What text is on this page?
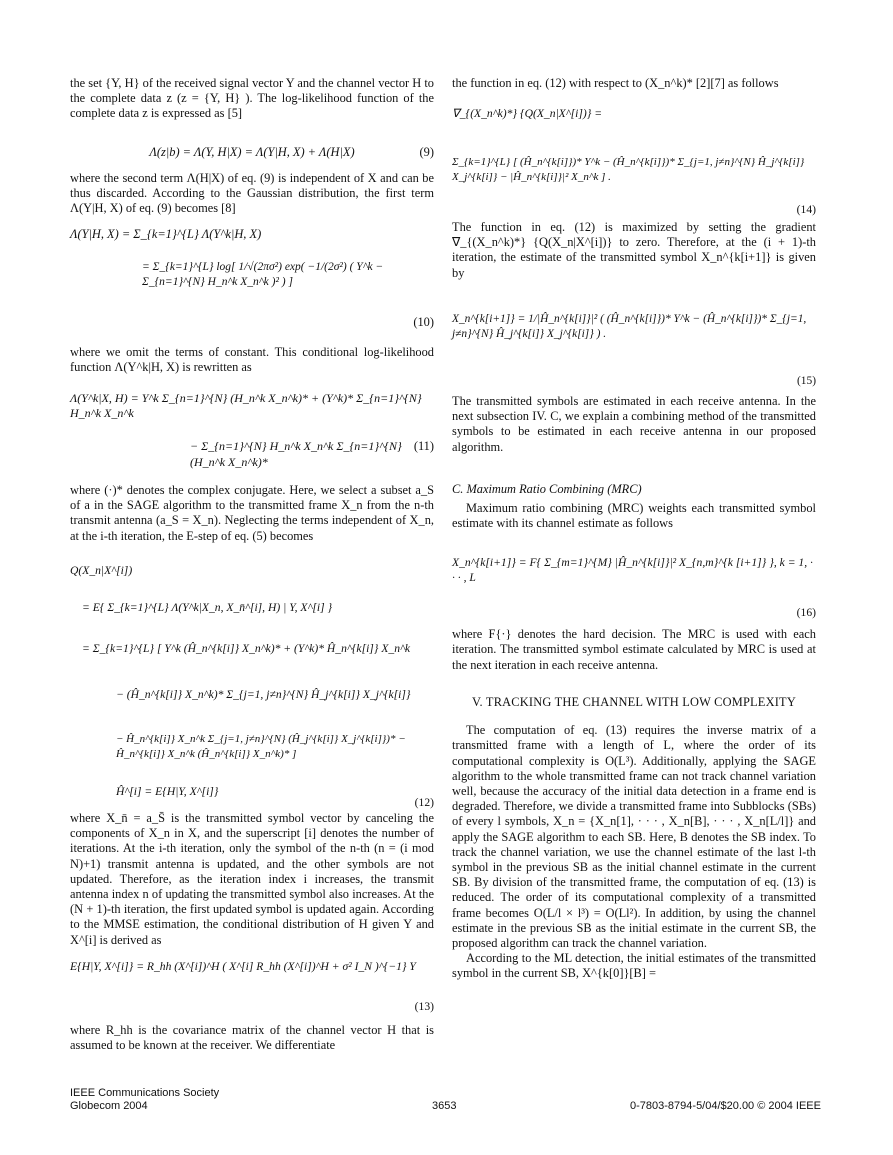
the set {Y, H} of the received signal vector Y and the channel vector H to the complete data z (z = {Y, H} ). The log-likelihood function of the complete data z is expressed as [5]

Λ(z|b) = Λ(Y, H|X) = Λ(Y|H, X) + Λ(H|X)	(9)

where the second term Λ(H|X) of eq. (9) is independent of X and can be thus discarded. According to the Gaussian distribution, the first term Λ(Y|H, X) of eq. (9) becomes [8]

Λ(Y|H, X) = Σ_{k=1}^{L} Λ(Y^k|H, X)
= Σ_{k=1}^{L} log[ 1/√(2πσ²) exp( −1/(2σ²) ( Y^k − Σ_{n=1}^{N} H_n^k X_n^k )² ) ]
(10)

where we omit the terms of constant. This conditional log-likelihood function Λ(Y^k|H, X) is rewritten as

Λ(Y^k|X, H) = Y^k Σ_{n=1}^{N} (H_n^k X_n^k)* + (Y^k)* Σ_{n=1}^{N} H_n^k X_n^k
− Σ_{n=1}^{N} H_n^k X_n^k Σ_{n=1}^{N} (H_n^k X_n^k)*
(11)

where (·)* denotes the complex conjugate. Here, we select a subset a_S of a in the SAGE algorithm to the transmitted frame X_n from the n-th transmit antenna (a_S = X_n). Neglecting the terms independent of X_n, at the i-th iteration, the E-step of eq. (5) becomes

Q(X_n|X^[i])
= E{ Σ_{k=1}^{L} Λ(Y^k|X_n, X_n̄^[i], H) | Y, X^[i] }
= Σ_{k=1}^{L} [ Y^k (Ĥ_n^{k[i]} X_n^k)* + (Y^k)* Ĥ_n^{k[i]} X_n^k
− (Ĥ_n^{k[i]} X_n^k)* Σ_{j=1, j≠n}^{N} Ĥ_j^{k[i]} X_j^{k[i]}
− Ĥ_n^{k[i]} X_n^k Σ_{j=1, j≠n}^{N} (Ĥ_j^{k[i]} X_j^{k[i]})* − Ĥ_n^{k[i]} X_n^k (Ĥ_n^{k[i]} X_n^k)* ]
Ĥ^[i] = E{H|Y, X^[i]}
(12)

where X_n̄ = a_S̄ is the transmitted symbol vector by canceling the components of X_n in X, and the superscript [i] denotes the number of iterations. At the i-th iteration, only the symbol of the n-th (n = (i mod N)+1) transmit antenna is updated, and the other symbols are not updated. Therefore, as the iteration index i increases, the transmit antenna index n of updating the transmitted symbol also increases. At the (N + 1)-th iteration, the first updated symbol is updated again. According to the MMSE estimation, the conditional distribution of H given Y and X^[i] is derived as

E{H|Y, X^[i]} = R_hh (X^[i])^H ( X^[i] R_hh (X^[i])^H + σ² I_N )^{−1} Y
(13)

where R_hh is the covariance matrix of the channel vector H that is assumed to be known at the receiver. We differentiate

the function in eq. (12) with respect to (X_n^k)* [2][7] as follows

∇_{(X_n^k)*} {Q(X_n|X^[i])} =
Σ_{k=1}^{L} [ (Ĥ_n^{k[i]})* Y^k − (Ĥ_n^{k[i]})* Σ_{j=1, j≠n}^{N} Ĥ_j^{k[i]} X_j^{k[i]} − |Ĥ_n^{k[i]}|² X_n^k ] .
(14)

The function in eq. (12) is maximized by setting the gradient ∇_{(X_n^k)*} {Q(X_n|X^[i])} to zero. Therefore, at the (i + 1)-th iteration, the estimate of the transmitted symbol X_n^{k[i+1]} is given by

X_n^{k[i+1]} = 1/|Ĥ_n^{k[i]}|² ( (Ĥ_n^{k[i]})* Y^k − (Ĥ_n^{k[i]})* Σ_{j=1, j≠n}^{N} Ĥ_j^{k[i]} X_j^{k[i]} ) .
(15)

The transmitted symbols are estimated in each receive antenna. In the next subsection IV. C, we explain a combining method of the transmitted symbols to be estimated in each receive antenna in our proposed algorithm.

C. Maximum Ratio Combining (MRC)

Maximum ratio combining (MRC) weights each transmitted symbol estimate with its channel estimate as follows

X_n^{k[i+1]} = F{ Σ_{m=1}^{M} |Ĥ_n^{k[i]}|² X_{n,m}^{k [i+1]} }, k = 1, · · · , L
(16)

where F{·} denotes the hard decision. The MRC is used with each iteration. The transmitted symbol estimate calculated by MRC is used at the next iteration in each receive antenna.

V. TRACKING THE CHANNEL WITH LOW COMPLEXITY

The computation of eq. (13) requires the inverse matrix of a transmitted frame with a length of L, where the order of its computational complexity is O(L³). Additionally, applying the SAGE algorithm to the whole transmitted frame can not track channel variation well, because the accuracy of the initial data detection in a frame end is degraded. Therefore, we divide a transmitted frame into Subblocks (SBs) of every l symbols, X_n = {X_n[1], · · · , X_n[B], · · · , X_n[L/l]} and apply the SAGE algorithm to each SB. Here, B denotes the SB index. To track the channel variation, we use the channel estimate of the last l-th symbol in the previous SB as the initial channel estimate in the current SB. By division of the transmitted frame, the computation of eq. (13) is reduced. The order of its computational complexity of a transmitted frame becomes O(L/l × l³) = O(Ll²). In addition, by using the channel estimate in the previous SB as the initial estimate in the current SB, the proposed algorithm can track the channel variation.

According to the ML detection, the initial estimates of the transmitted symbol in the current SB, X^{k[0]}[B] =

IEEE Communications Society
Globecom 2004	3653	0-7803-8794-5/04/$20.00 © 2004 IEEE
